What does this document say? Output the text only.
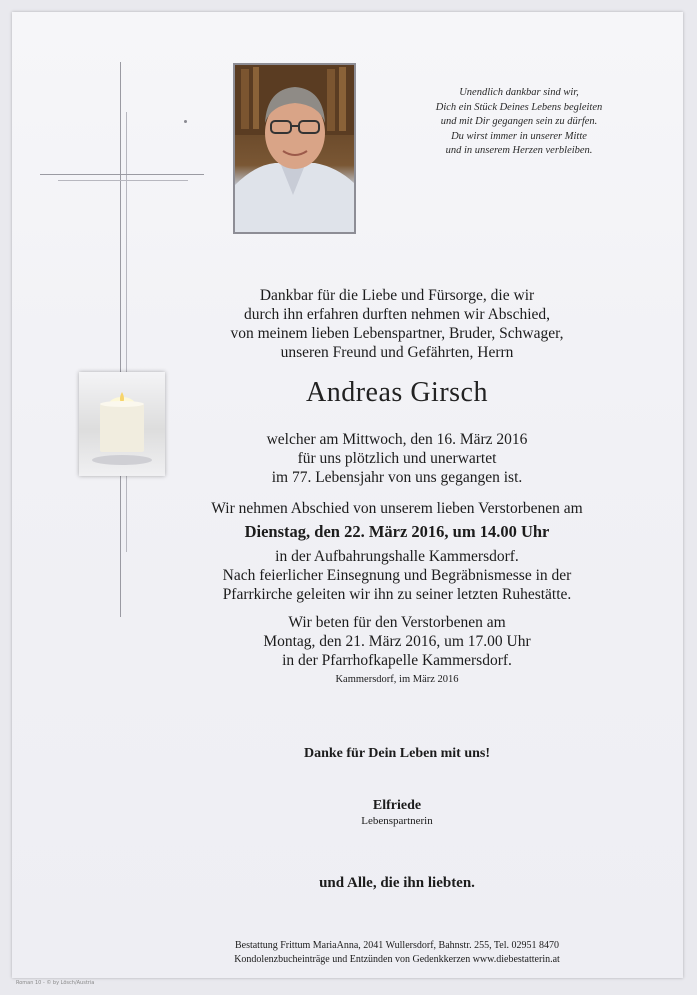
Unendlich dankbar sind wir,
Dich ein Stück Deines Lebens begleiten
und mit Dir gegangen sein zu dürfen.
Du wirst immer in unserer Mitte
und in unserem Herzen verbleiben.
Dankbar für die Liebe und Fürsorge, die wir
durch ihn erfahren durften nehmen wir Abschied,
von meinem lieben Lebenspartner, Bruder, Schwager,
unseren Freund und Gefährten, Herrn
Andreas Girsch
welcher am Mittwoch, den 16. März 2016
für uns plötzlich und unerwartet
im 77. Lebensjahr von uns gegangen ist.
Wir nehmen Abschied von unserem lieben Verstorbenen am
Dienstag, den 22. März 2016, um 14.00 Uhr
in der Aufbahrungshalle Kammersdorf.
Nach feierlicher Einsegnung und Begräbnismesse in der
Pfarrkirche geleiten wir ihn zu seiner letzten Ruhestätte.
Wir beten für den Verstorbenen am
Montag, den 21. März 2016, um 17.00 Uhr
in der Pfarrhofkapelle Kammersdorf.
Kammersdorf, im März 2016
Danke für Dein Leben mit uns!
Elfriede
Lebenspartnerin
und Alle, die ihn liebten.
Bestattung Frittum MariaAnna, 2041 Wullersdorf, Bahnstr. 255, Tel. 02951 8470
Kondolenzbucheinträge und Entzünden von Gedenkkerzen www.diebestatterin.at
Roman 10 - © by Lösch/Austria
